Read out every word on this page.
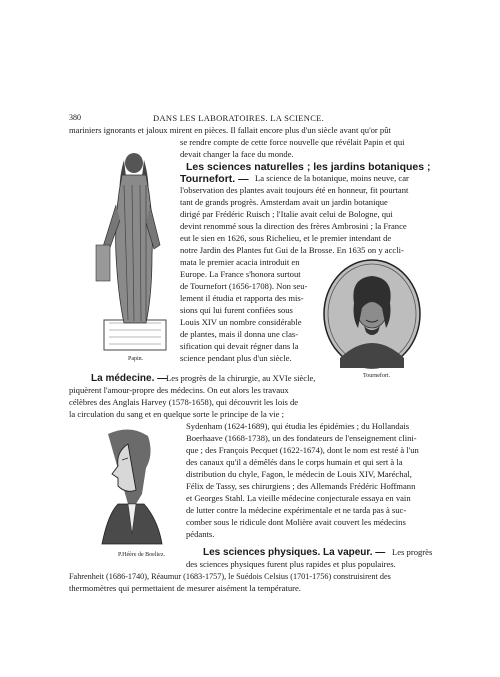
380	DANS LES LABORATOIRES. LA SCIENCE.
mariniers ignorants et jaloux mirent en pièces. Il fallait encore plus d'un siècle avant qu'or pût
se rendre compte de cette force nouvelle que révélait Papin et qui
devait changer la face du monde.
Papin.
Les sciences naturelles ; les jardins botaniques ;
Tournefort. — La science de la botanique, moins neuve, car
l'observation des plantes avait toujours été en honneur, fit pourtant
tant de grands progrès. Amsterdam avait un jardin botanique
dirigé par Frédéric Ruisch ; l'Italie avait celui de Bologne, qui
devint renommé sous la direction des frères Ambrosini ; la France
eut le sien en 1626, sous Richelieu, et le premier intendant de
notre Jardin des Plantes fut Gui de la Brosse. En 1635 on y accli-
mata le premier acacia introduit en
Europe. La France s'honora surtout
de Tournefort (1656-1708). Non seu-
lement il étudia et rapporta des mis-
sions qui lui furent confiées sous
Louis XIV un nombre considérable
de plantes, mais il donna une clas-
sification qui devait régner dans la
science pendant plus d'un siècle.
Tournefort.
La médecine. —
Les progrès de la chirurgie, au XVIe siècle,
piquèrent l'amour-propre des médecins. On eut alors les travaux
célèbres des Anglais Harvey (1578-1658), qui découvrit les lois de
la circulation du sang et en quelque sorte le principe de la vie ;
Sydenham (1624-1689), qui étudia les épidémies ; du Hollandais
Boerhaave (1668-1738), un des fondateurs de l'enseignement clini-
que ; des François Pecquet (1622-1674), dont le nom est resté à l'un
des canaux qu'il a démêlés dans le corps humain et qui sert à la
distribution du chyle, Fagon, le médecin de Louis XIV, Maréchal,
Félix de Tassy, ses chirurgiens ; des Allemands Frédéric Hoffmann
et Georges Stahl. La vieille médecine conjecturale essaya en vain
de lutter contre la médecine expérimentale et ne tarda pas à suc-
comber sous le ridicule dont Molière avait couvert les médecins
pédants.
P.Héère de Boeliez.	Les sciences physiques. La vapeur. — Les progrès
des sciences physiques furent plus rapides et plus populaires.
Fahrenheit (1686-1740), Réaumur (1683-1757), le Suédois Celsius (1701-1756) construisirent des
thermomètres qui permettaient de mesurer aisément la température.
